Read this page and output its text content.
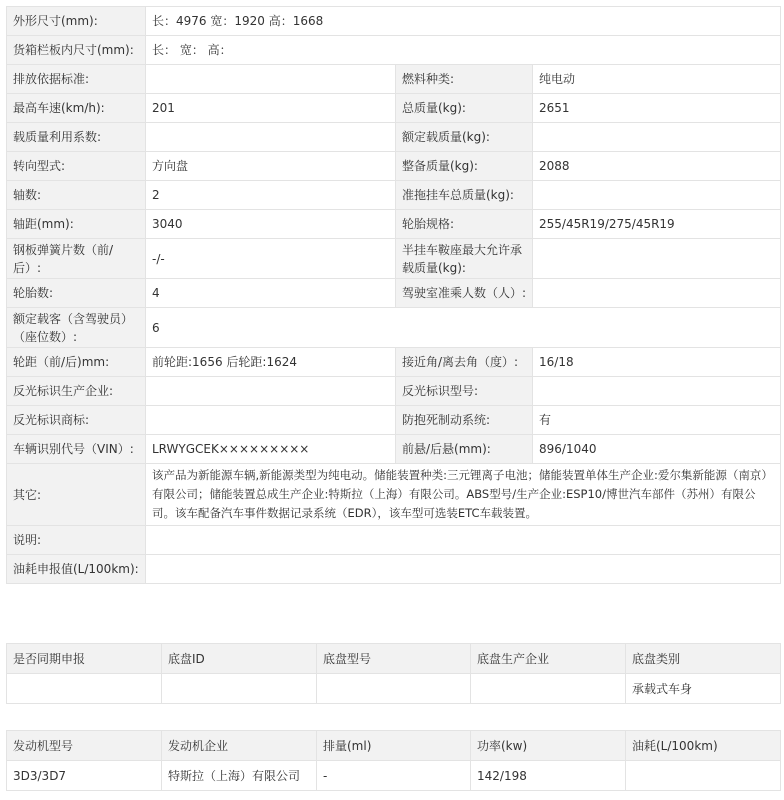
外形尺寸(mm):	长：4976 宽：1920 高：1668		
货箱栏板内尺寸(mm):	长： 宽： 高：		
排放依据标准:		燃料种类:	纯电动
最高车速(km/h):	201	总质量(kg):	2651
载质量利用系数:		额定载质量(kg):	
转向型式:	方向盘	整备质量(kg):	2088
轴数:	2	准拖挂车总质量(kg):	
轴距(mm):	3040	轮胎规格:	255/45R19/275/45R19
钢板弹簧片数（前/后）:	-/-	半挂车鞍座最大允许承载质量(kg):	
轮胎数:	4	驾驶室准乘人数（人）:	
额定载客（含驾驶员）（座位数）:	6		
轮距（前/后)mm:	前轮距:1656 后轮距:1624	接近角/离去角（度）:	16/18
反光标识生产企业:		反光标识型号:	
反光标识商标:		防抱死制动系统:	有
车辆识别代号（VIN）:	LRWYGCEK×××××××××	前悬/后悬(mm):	896/1040
其它:	该产品为新能源车辆,新能源类型为纯电动。储能装置种类:三元锂离子电池；储能装置单体生产企业:爱尔集新能源（南京）有限公司；储能装置总成生产企业:特斯拉（上海）有限公司。ABS型号/生产企业:ESP10/博世汽车部件（苏州）有限公司。该车配备汽车事件数据记录系统（EDR），该车型可选装ETC车载装置。		
说明:			
油耗申报值(L/100km):			
是否同期申报	底盘ID	底盘型号	底盘生产企业	底盘类别
				承载式车身
发动机型号	发动机企业	排量(ml)	功率(kw)	油耗(L/100km)
3D3/3D7	特斯拉（上海）有限公司	-	142/198	
